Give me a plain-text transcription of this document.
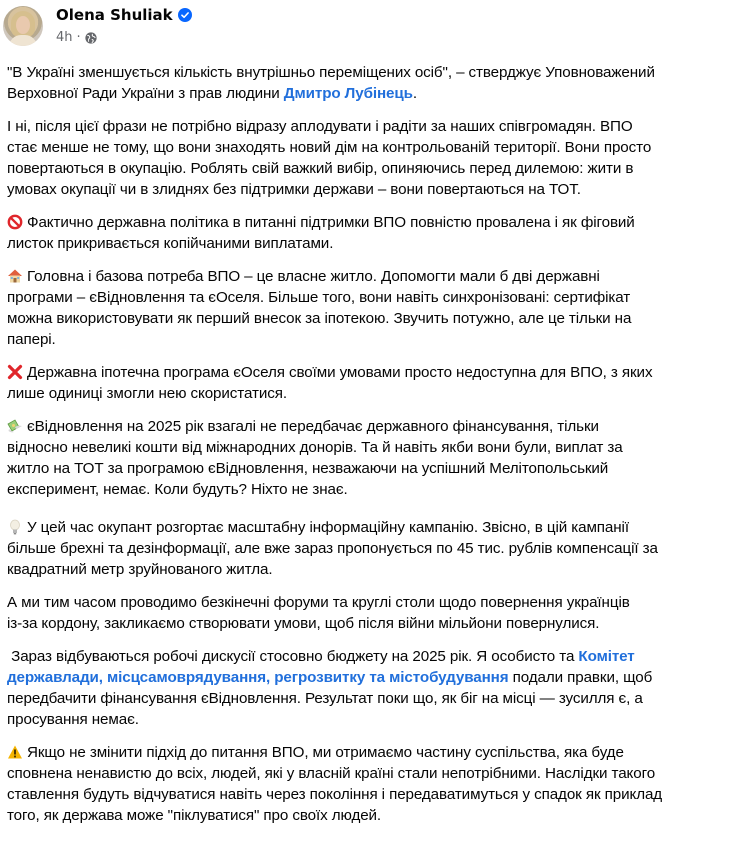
Olena Shuliak
4h ·
"В Україні зменшується кількість внутрішньо переміщених осіб", – стверджує Уповноважений
Верховної Ради України з прав людини Дмитро Лубінець.
І ні, після цієї фрази не потрібно відразу аплодувати і радіти за наших співгромадян. ВПО
стає менше не тому, що вони знаходять новий дім на контрольованій території. Вони просто
повертаються в окупацію. Роблять свій важкий вибір, опиняючись перед дилемою: жити в
умовах окупації чи в злиднях без підтримки держави – вони повертаються на ТОТ.
Фактично державна політика в питанні підтримки ВПО повністю провалена і як фіговий
листок прикривається копійчаними виплатами.
Головна і базова потреба ВПО – це власне житло. Допомогти мали б дві державні
програми – єВідновлення та єОселя. Більше того, вони навіть синхронізовані: сертифікат
можна використовувати як перший внесок за іпотекою. Звучить потужно, але це тільки на
папері.
Державна іпотечна програма єОселя своїми умовами просто недоступна для ВПО, з яких
лише одиниці змогли нею скористатися.
єВідновлення на 2025 рік взагалі не передбачає державного фінансування, тільки
відносно невеликі кошти від міжнародних донорів. Та й навіть якби вони були, виплат за
житло на ТОТ за програмою єВідновлення, незважаючи на успішний Мелітопольський
експеримент, немає. Коли будуть? Ніхто не знає.
У цей час окупант розгортає масштабну інформаційну кампанію. Звісно, в цій кампанії
більше брехні та дезінформації, але вже зараз пропонується по 45 тис. рублів компенсації за
квадратний метр зруйнованого житла.
А ми тим часом проводимо безкінечні форуми та круглі столи щодо повернення українців
із-за кордону, закликаємо створювати умови, щоб після війни мільйони повернулися.
Зараз відбуваються робочі дискусії стосовно бюджету на 2025 рік. Я особисто та Комітет
державлади, місцсамоврядування, регрозвитку та містобудування подали правки, щоб
передбачити фінансування єВідновлення. Результат поки що, як біг на місці — зусилля є, а
просування немає.
Якщо не змінити підхід до питання ВПО, ми отримаємо частину суспільства, яка буде
сповнена ненавистю до всіх, людей, які у власній країні стали непотрібними. Наслідки такого
ставлення будуть відчуватися навіть через покоління і передаватимуться у спадок як приклад
того, як держава може "піклуватися" про своїх людей.
